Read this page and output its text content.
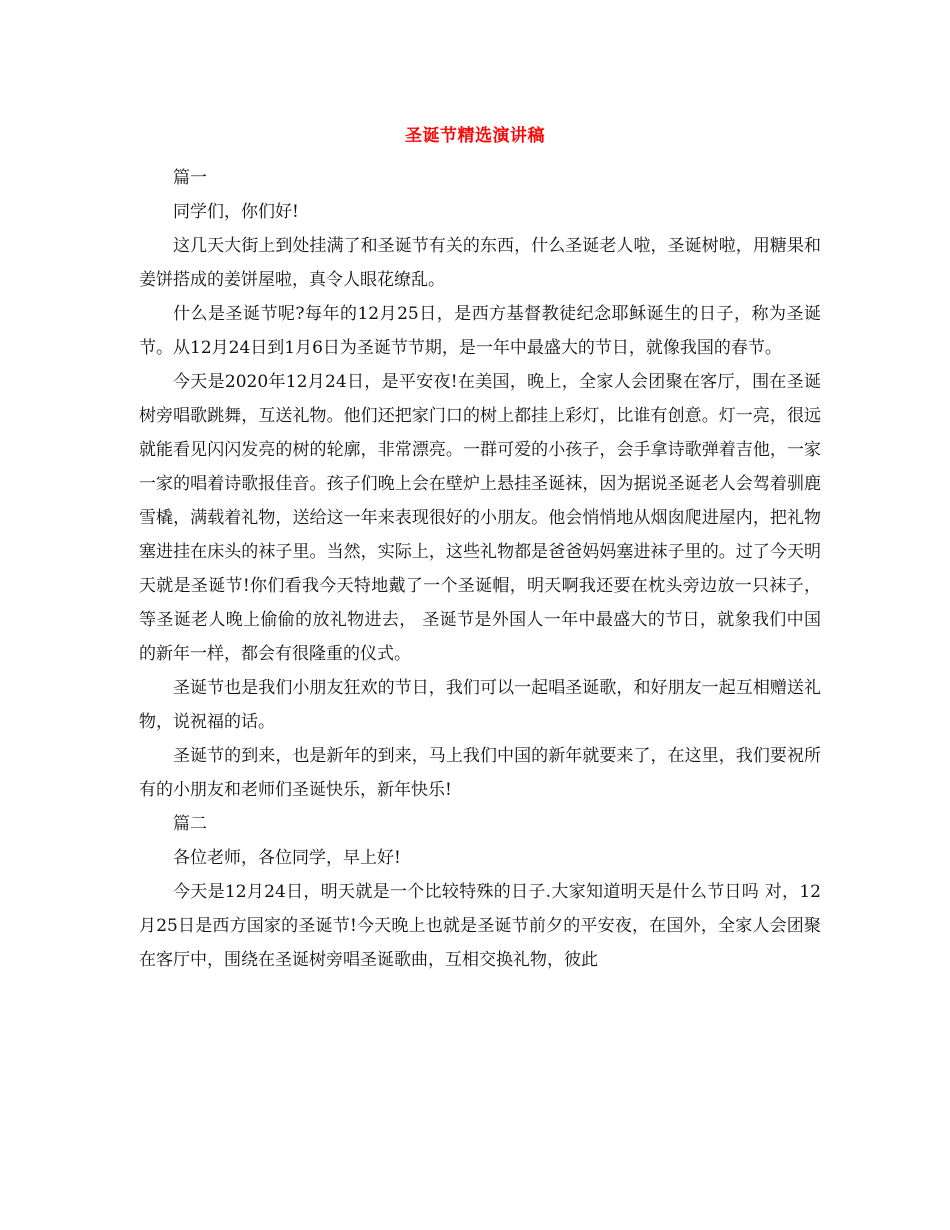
圣诞节精选演讲稿

篇一

同学们，你们好!

这几天大街上到处挂满了和圣诞节有关的东西，什么圣诞老人啦，圣诞树啦，用糖果和姜饼搭成的姜饼屋啦，真令人眼花缭乱。

什么是圣诞节呢?每年的12月25日，是西方基督教徒纪念耶稣诞生的日子，称为圣诞节。从12月24日到1月6日为圣诞节节期，是一年中最盛大的节日，就像我国的春节。

今天是2020年12月24日，是平安夜!在美国，晚上，全家人会团聚在客厅，围在圣诞树旁唱歌跳舞，互送礼物。他们还把家门口的树上都挂上彩灯，比谁有创意。灯一亮，很远就能看见闪闪发亮的树的轮廓，非常漂亮。一群可爱的小孩子，会手拿诗歌弹着吉他，一家一家的唱着诗歌报佳音。孩子们晚上会在壁炉上悬挂圣诞袜，因为据说圣诞老人会驾着驯鹿雪橇，满载着礼物，送给这一年来表现很好的小朋友。他会悄悄地从烟囱爬进屋内，把礼物塞进挂在床头的袜子里。当然，实际上，这些礼物都是爸爸妈妈塞进袜子里的。过了今天明天就是圣诞节!你们看我今天特地戴了一个圣诞帽，明天啊我还要在枕头旁边放一只袜子，等圣诞老人晚上偷偷的放礼物进去， 圣诞节是外国人一年中最盛大的节日，就象我们中国的新年一样，都会有很隆重的仪式。

圣诞节也是我们小朋友狂欢的节日，我们可以一起唱圣诞歌，和好朋友一起互相赠送礼物，说祝福的话。

圣诞节的到来，也是新年的到来，马上我们中国的新年就要来了，在这里，我们要祝所有的小朋友和老师们圣诞快乐，新年快乐!

篇二

各位老师，各位同学，早上好!

今天是12月24日，明天就是一个比较特殊的日子.大家知道明天是什么节日吗 对，12月25日是西方国家的圣诞节!今天晚上也就是圣诞节前夕的平安夜，在国外，全家人会团聚在客厅中，围绕在圣诞树旁唱圣诞歌曲，互相交换礼物，彼此
